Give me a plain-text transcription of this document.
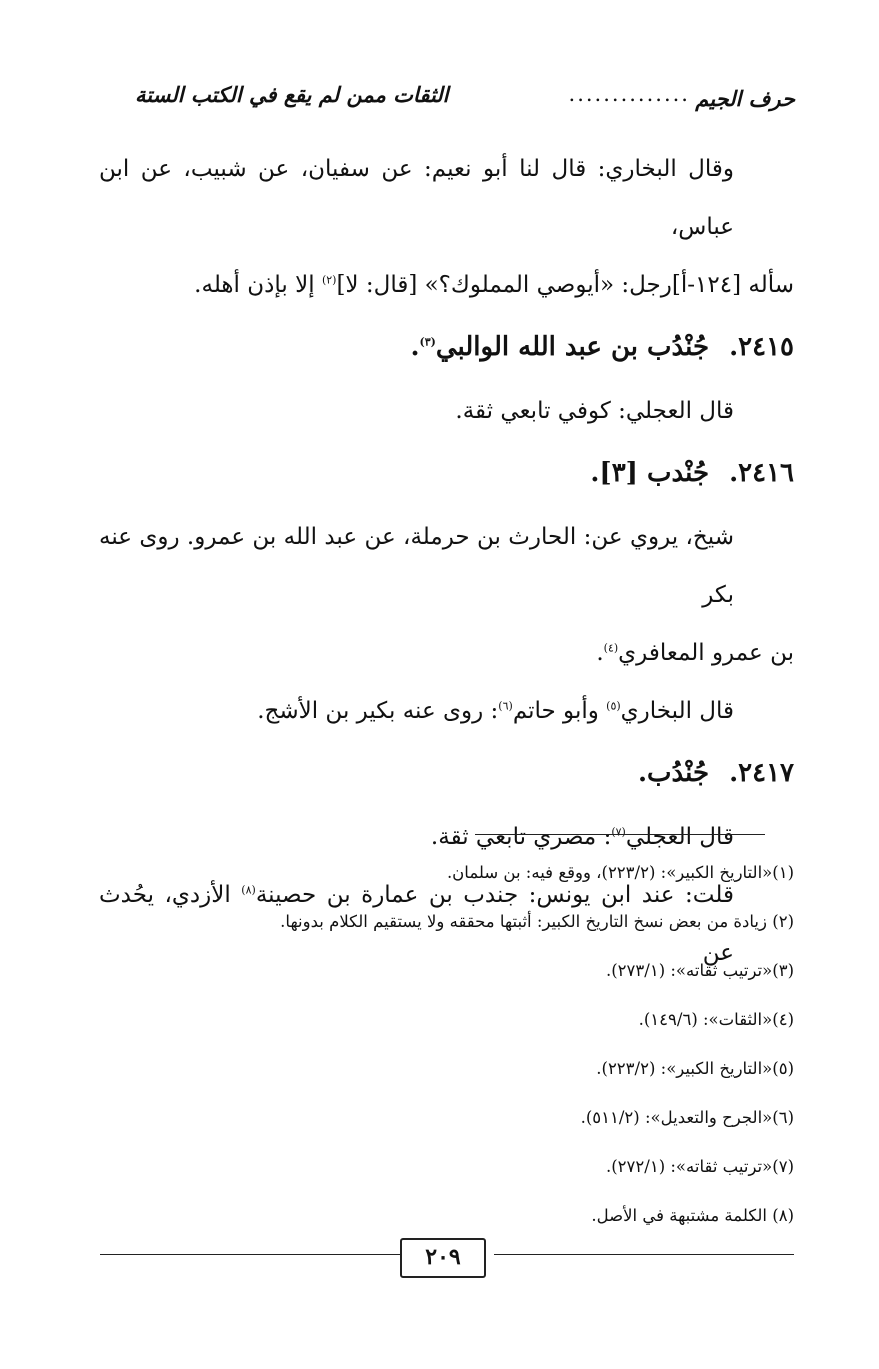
حرف الجيم
..............
الثقات ممن لم يقع في الكتب الستة

وقال البخاري: قال لنا أبو نعيم: عن سفيان، عن شبيب، عن ابن عباس،

سأله [١٢٤-أ]رجل: «أيوصي المملوك؟» [قال: لا]$^{(٢)}$ إلا بإذن أهله.

٢٤١٥.جُنْدُب بن عبد الله الوالبي$^{(٣)}$.

قال العجلي: كوفي تابعي ثقة.

٢٤١٦.جُنْدب [٣].

شيخ، يروي عن: الحارث بن حرملة، عن عبد الله بن عمرو. روى عنه بكر

بن عمرو المعافري$^{(٤)}$.

قال البخاري$^{(٥)}$ وأبو حاتم$^{(٦)}$: روى عنه بكير بن الأشج.

٢٤١٧.جُنْدُب.

قال العجلي$^{(٧)}$: مصري تابعي ثقة.

قلت: عند ابن يونس: جندب بن عمارة بن حصينة$^{(٨)}$ الأزدي، يحُدث عن

(١)«التاريخ الكبير»: (٢٢٣/٢)، ووقع فيه: بن سلمان.

(٢) زيادة من بعض نسخ التاريخ الكبير: أثبتها محققه ولا يستقيم الكلام بدونها.

(٣)«ترتيب ثقاته»: (٢٧٣/١).

(٤)«الثقات»: (١٤٩/٦).

(٥)«التاريخ الكبير»: (٢٢٣/٢).

(٦)«الجرح والتعديل»: (٥١١/٢).

(٧)«ترتيب ثقاته»: (٢٧٢/١).

(٨) الكلمة مشتبهة في الأصل.

٢٠٩
